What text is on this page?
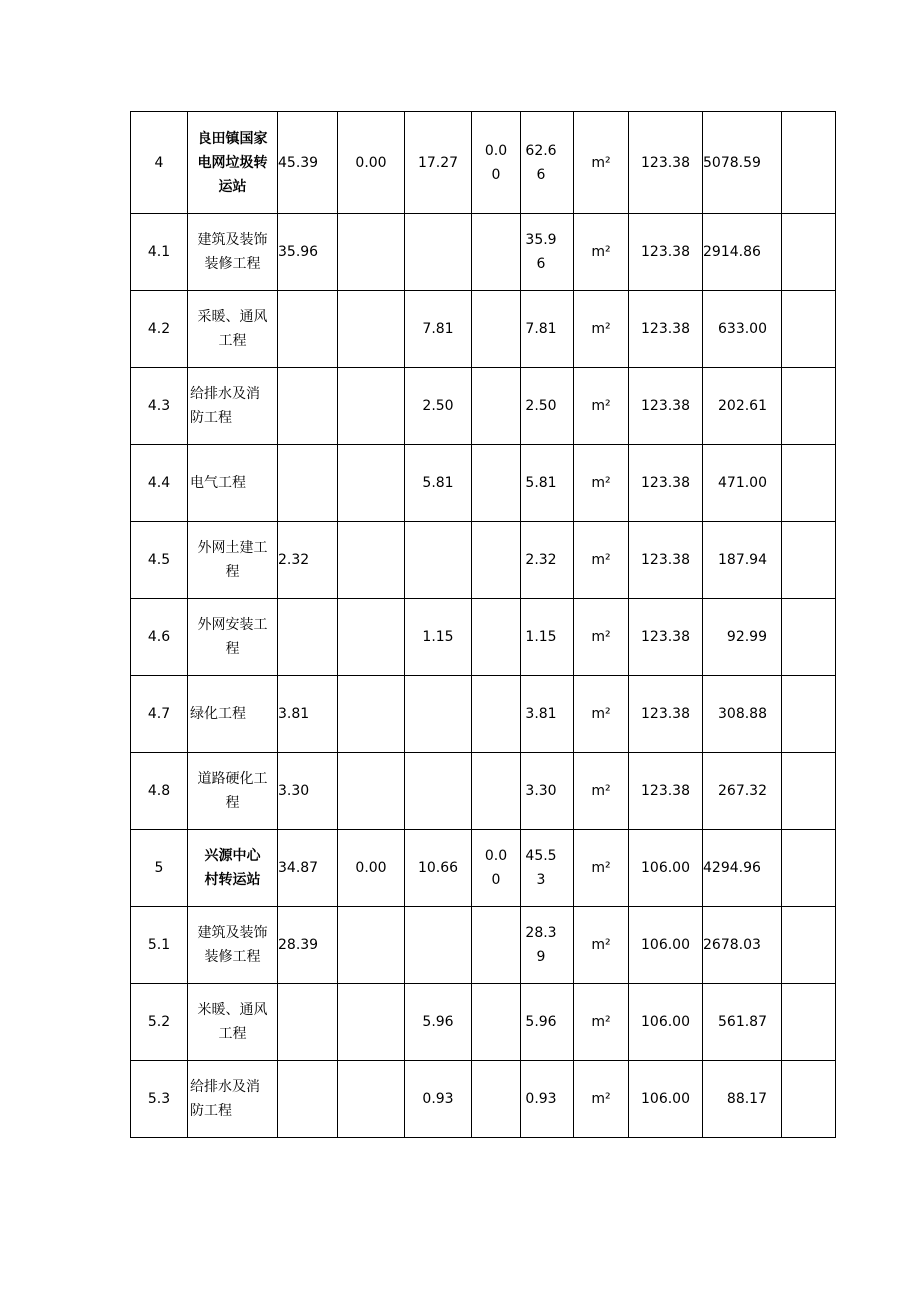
4	良田镇国家
电网垃圾转
运站	45.39	0.00	17.27	0.00	62.66	m²	123.38	5078.59	
4.1	建筑及装饰
装修工程	35.96				35.96	m²	123.38	2914.86	
4.2	采暖、通风
工程			7.81		7.81	m²	123.38	633.00	
4.3	给排水及消
防工程			2.50		2.50	m²	123.38	202.61	
4.4	电气工程			5.81		5.81	m²	123.38	471.00	
4.5	外网土建工
程	2.32				2.32	m²	123.38	187.94	
4.6	外网安装工
程			1.15		1.15	m²	123.38	92.99	
4.7	绿化工程	3.81				3.81	m²	123.38	308.88	
4.8	道路硬化工
程	3.30				3.30	m²	123.38	267.32	
5	兴源中心
村转运站	34.87	0.00	10.66	0.00	45.53	m²	106.00	4294.96	
5.1	建筑及装饰
装修工程	28.39				28.39	m²	106.00	2678.03	
5.2	米暖、通风
工程			5.96		5.96	m²	106.00	561.87	
5.3	给排水及消
防工程			0.93		0.93	m²	106.00	88.17	
